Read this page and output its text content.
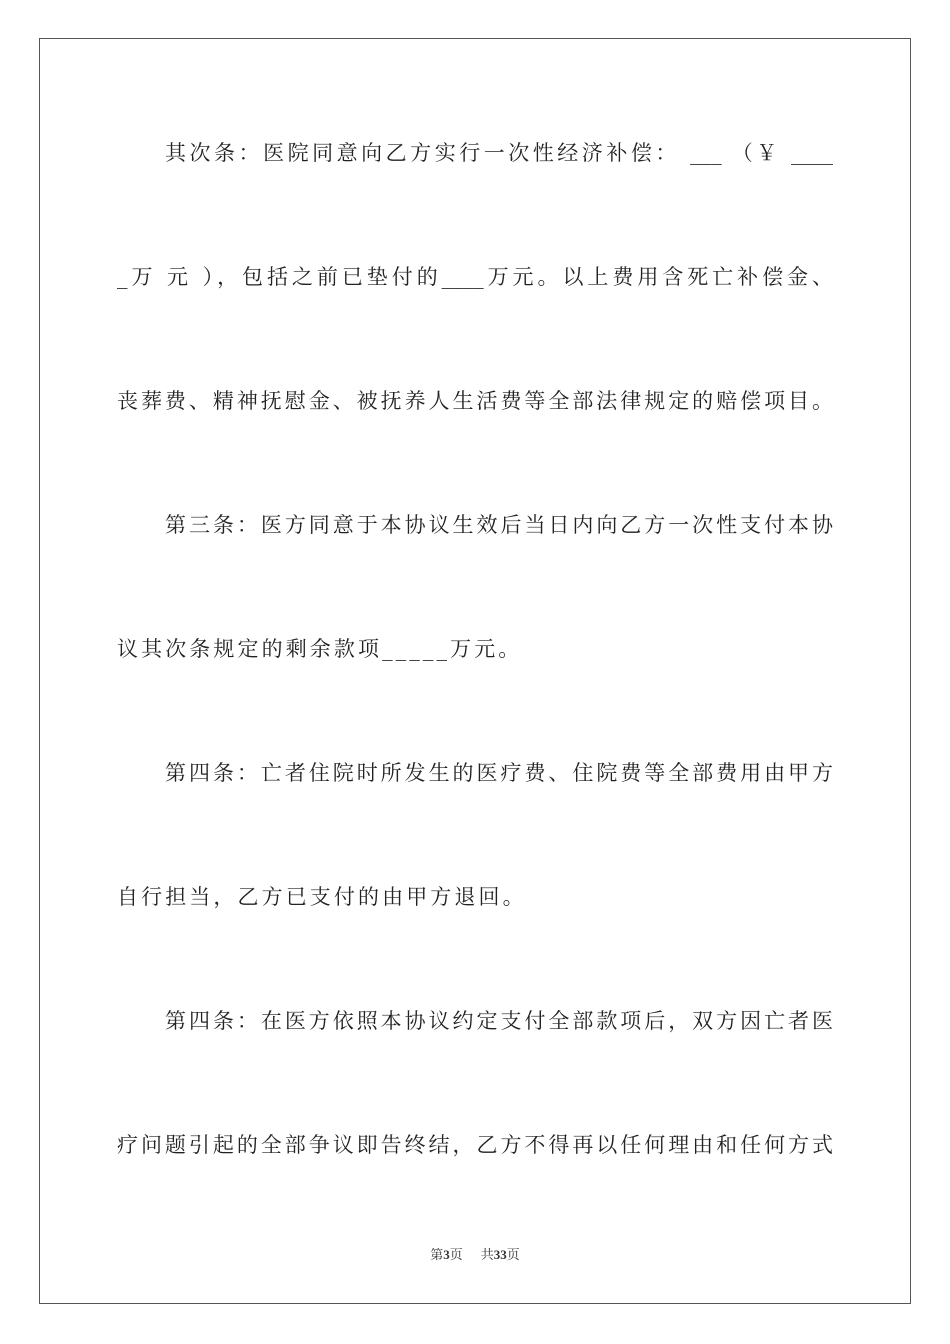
其次条：医院同意向乙方实行一次性经济补偿： ___ （￥ ____
_万 元 ），包括之前已垫付的____万元。以上费用含死亡补偿金、
丧葬费、精神抚慰金、被抚养人生活费等全部法律规定的赔偿项目。
第三条：医方同意于本协议生效后当日内向乙方一次性支付本协
议其次条规定的剩余款项_____万元。
第四条：亡者住院时所发生的医疗费、住院费等全部费用由甲方
自行担当，乙方已支付的由甲方退回。
第四条：在医方依照本协议约定支付全部款项后，双方因亡者医
疗问题引起的全部争议即告终结，乙方不得再以任何理由和任何方式
第3页 共33页
